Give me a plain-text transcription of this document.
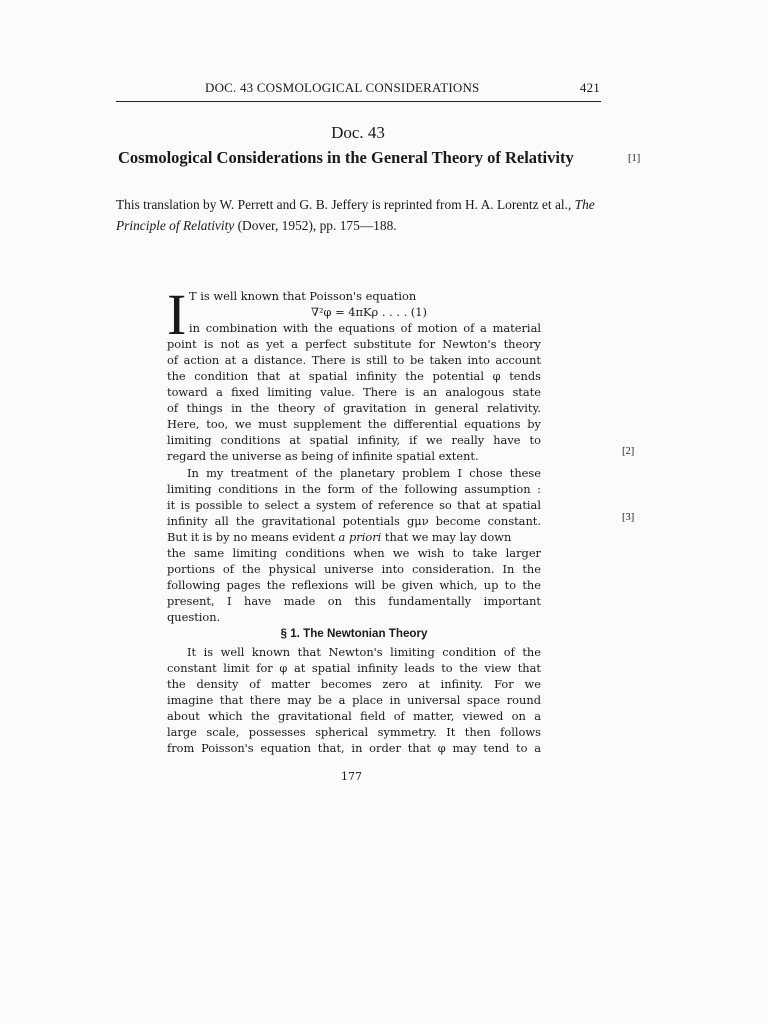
DOC. 43 COSMOLOGICAL CONSIDERATIONS	421
Doc. 43
Cosmological Considerations in the General Theory of Relativity	[1]
This translation by W. Perrett and G. B. Jeffery is reprinted from H. A. Lorentz et al., The Principle of Relativity (Dover, 1952), pp. 175—188.
I T is well known that Poisson's equation
∇²φ = 4πKρ . . . . (1)
in combination with the equations of motion of a material
point is not as yet a perfect substitute for Newton's theory
of action at a distance. There is still to be taken into account
the condition that at spatial infinity the potential φ tends
toward a fixed limiting value. There is an analogous state
of things in the theory of gravitation in general relativity.
Here, too, we must supplement the differential equations by
limiting conditions at spatial infinity, if we really have to
regard the universe as being of infinite spatial extent.
In my treatment of the planetary problem I chose these
limiting conditions in the form of the following assumption :
it is possible to select a system of reference so that at spatial
infinity all the gravitational potentials gμν become constant.
But it is by no means evident a priori that we may lay down
the same limiting conditions when we wish to take larger
portions of the physical universe into consideration. In the
following pages the reflexions will be given which, up to the
present, I have made on this fundamentally important
question.
§ 1. The Newtonian Theory
It is well known that Newton's limiting condition of the
constant limit for φ at spatial infinity leads to the view that
the density of matter becomes zero at infinity. For we
imagine that there may be a place in universal space round
about which the gravitational field of matter, viewed on a
large scale, possesses spherical symmetry. It then follows
from Poisson's equation that, in order that φ may tend to a
[2]
[3]
177
